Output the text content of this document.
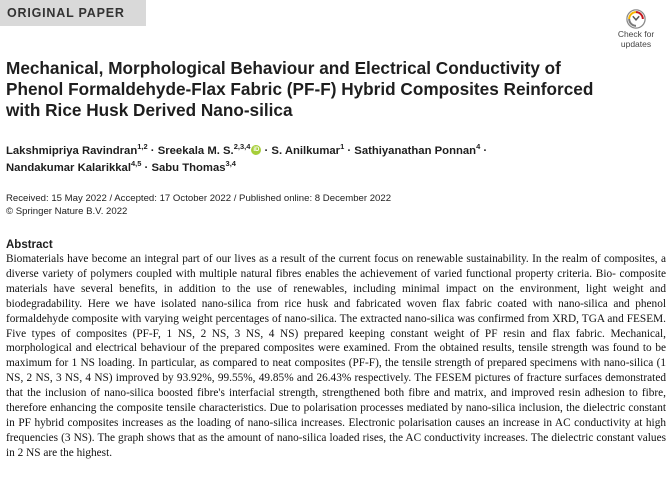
ORIGINAL PAPER
Check for
updates
Mechanical, Morphological Behaviour and Electrical Conductivity of Phenol Formaldehyde-Flax Fabric (PF-F) Hybrid Composites Reinforced with Rice Husk Derived Nano-silica
Lakshmipriya Ravindran$^{1,2}$ · Sreekala M. S.$^{2,3,4}$iD · S. Anilkumar$^1$ · Sathiyanathan Ponnan$^4$ ·
Nandakumar Kalarikkal$^{4,5}$ · Sabu Thomas$^{3,4}$
Received: 15 May 2022 / Accepted: 17 October 2022 / Published online: 8 December 2022
© Springer Nature B.V. 2022
Abstract

Biomaterials have become an integral part of our lives as a result of the current focus on renewable sustainability. In the realm of composites, a diverse variety of polymers coupled with multiple natural fibres enables the achievement of varied functional property criteria. Bio- composite materials have several benefits, in addition to the use of renewables, including minimal impact on the environment, light weight and biodegradability. Here we have isolated nano-silica from rice husk and fabricated woven flax fabric coated with nano-silica and phenol formaldehyde composite with varying weight percentages of nano-silica. The extracted nano-silica was confirmed from XRD, TGA and FESEM. Five types of composites (PF-F, 1 NS, 2 NS, 3 NS, 4 NS) prepared keeping constant weight of PF resin and flax fabric. Mechanical, morphological and electrical behaviour of the prepared composites were examined. From the obtained results, tensile strength was found to be maximum for 1 NS loading. In particular, as compared to neat composites (PF-F), the tensile strength of prepared specimens with nano-silica (1 NS, 2 NS, 3 NS, 4 NS) improved by 93.92%, 99.55%, 49.85% and 26.43% respectively. The FESEM pictures of fracture surfaces demonstrated that the inclusion of nano-silica boosted fibre's interfacial strength, strengthened both fibre and matrix, and improved resin adhesion to fibre, therefore enhancing the composite tensile characteristics. Due to polarisation processes mediated by nano-silica inclusion, the dielectric constant in PF hybrid composites increases as the loading of nano-silica increases. Electronic polarisation causes an increase in AC conductivity at high frequencies (3 NS). The graph shows that as the amount of nano-silica loaded rises, the AC conductivity increases. The dielectric constant values in 2 NS are the highest.
